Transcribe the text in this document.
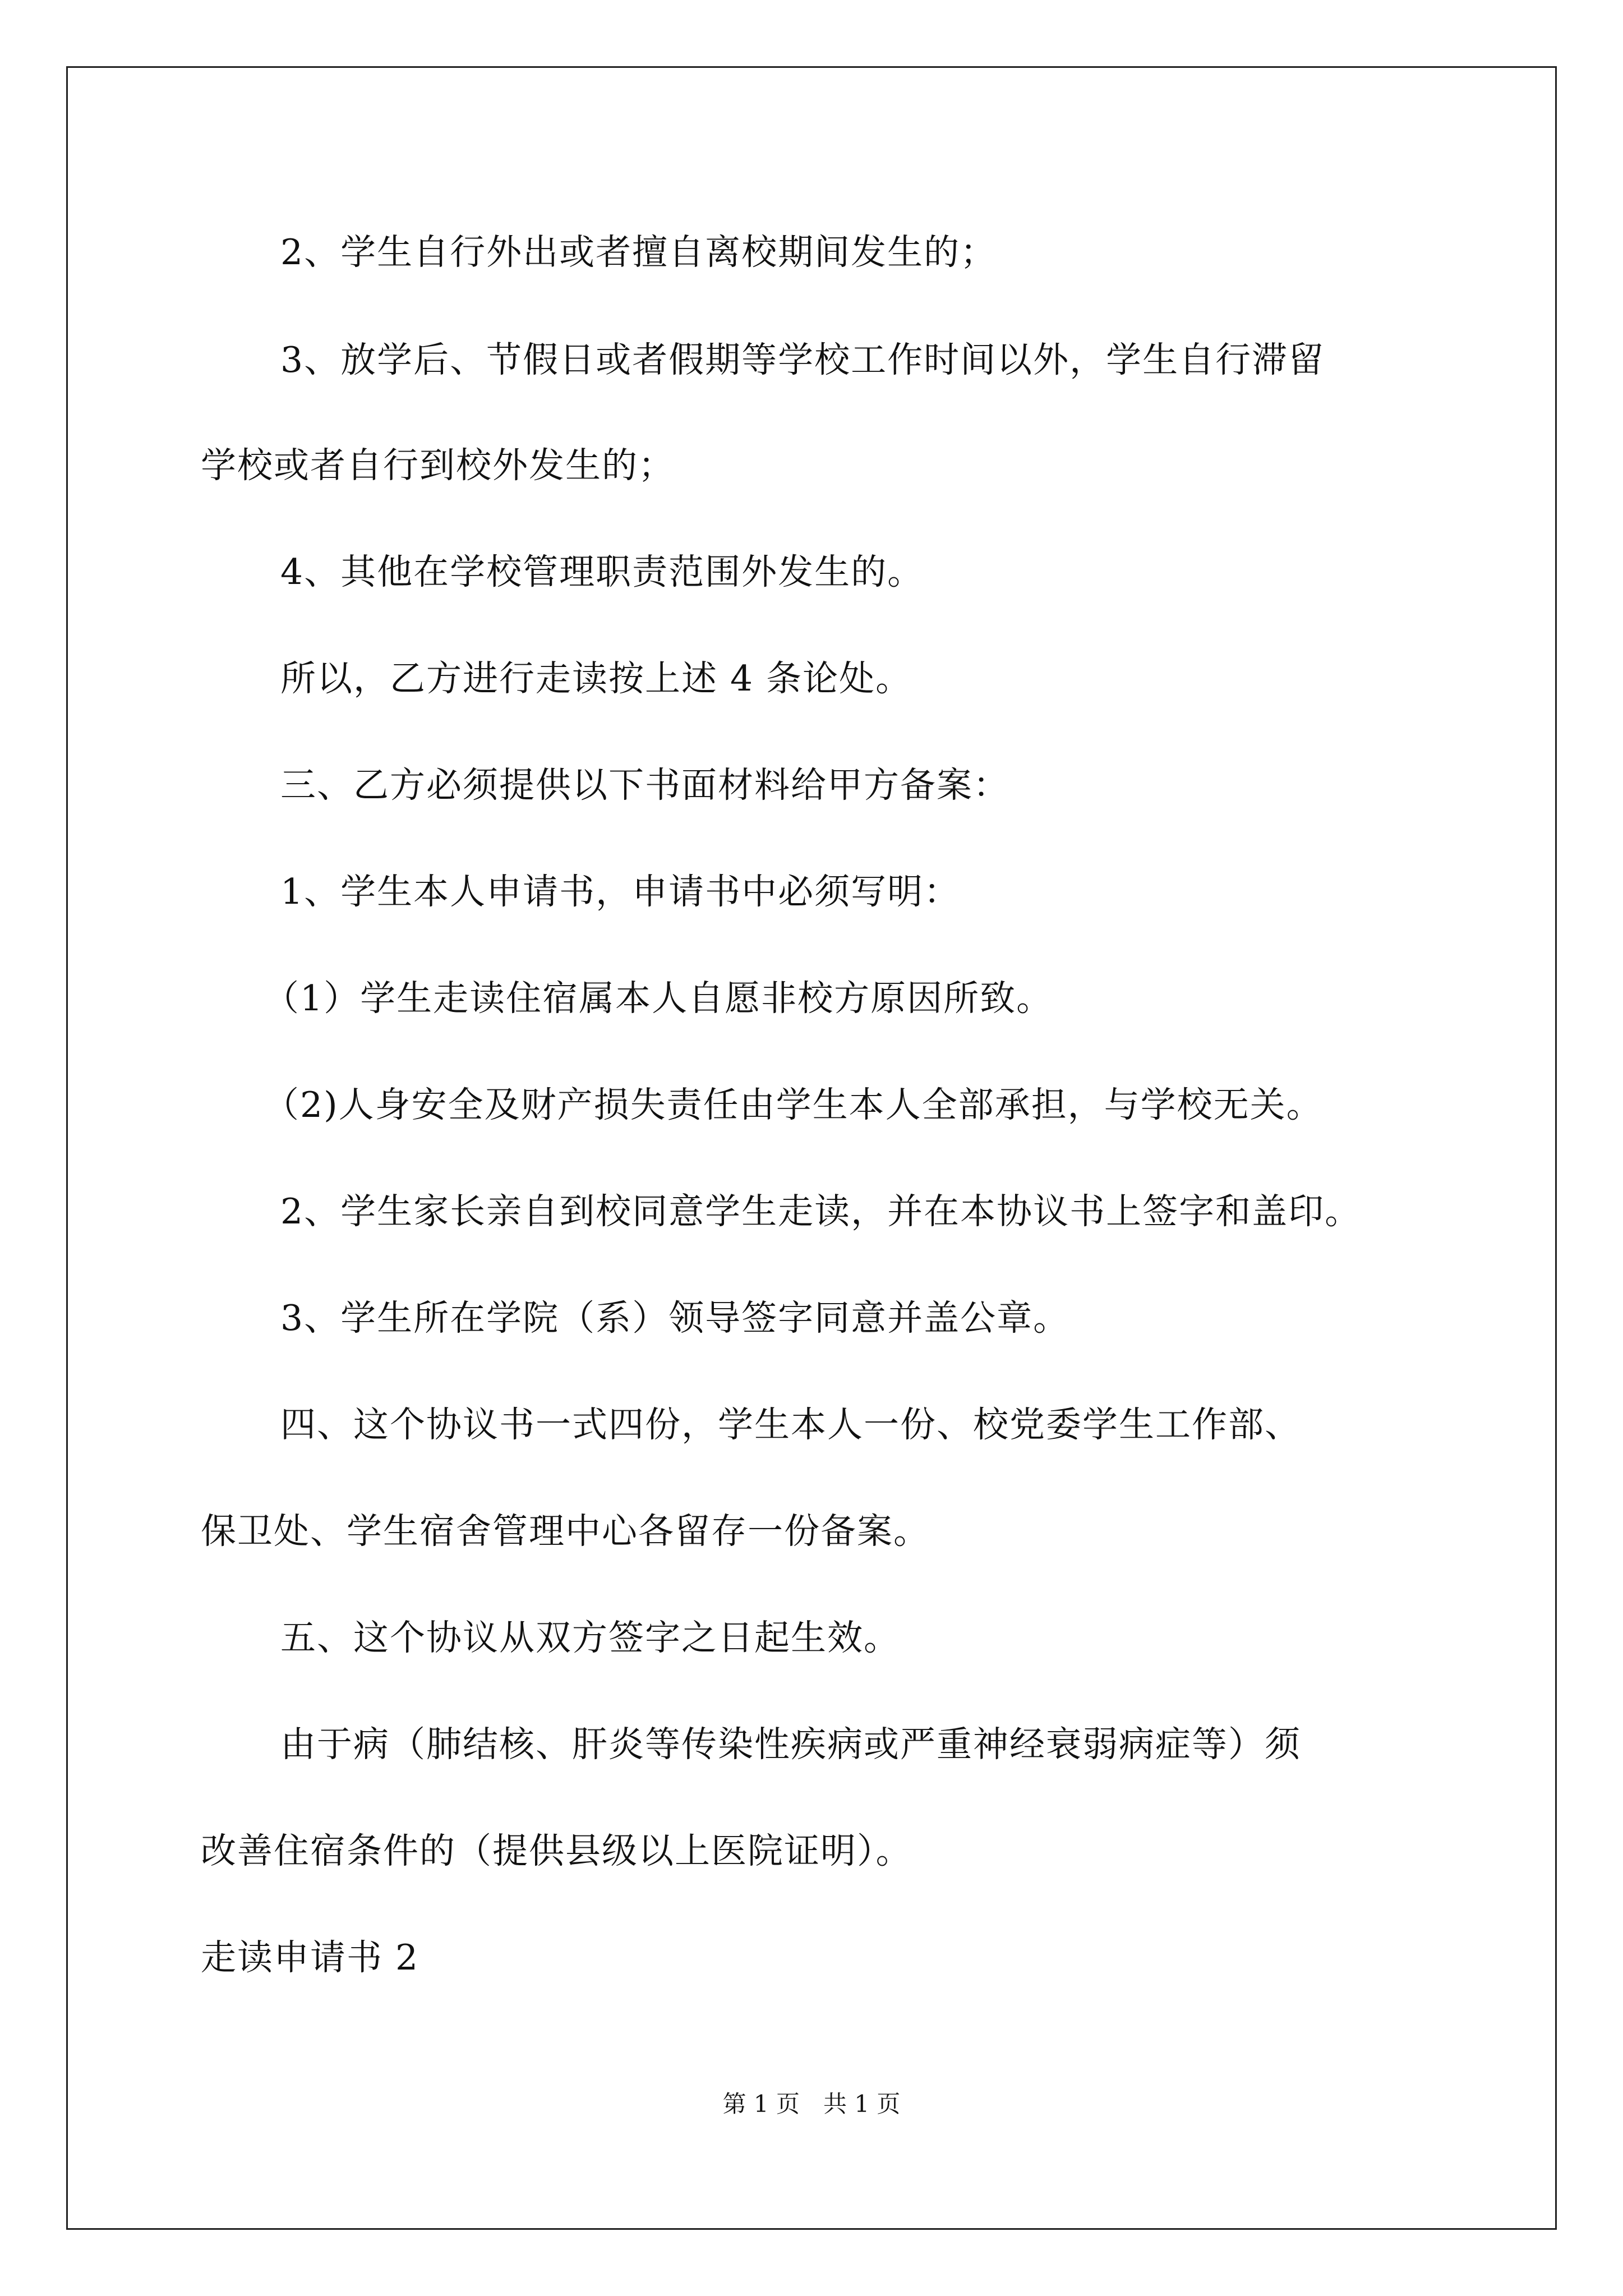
2、学生自行外出或者擅自离校期间发生的；

3、放学后、节假日或者假期等学校工作时间以外，学生自行滞留

学校或者自行到校外发生的；

4、其他在学校管理职责范围外发生的。

所以，乙方进行走读按上述 4 条论处。

三、乙方必须提供以下书面材料给甲方备案：

1、学生本人申请书，申请书中必须写明：

（1）学生走读住宿属本人自愿非校方原因所致。

（2)人身安全及财产损失责任由学生本人全部承担，与学校无关。

2、学生家长亲自到校同意学生走读，并在本协议书上签字和盖印。

3、学生所在学院（系）领导签字同意并盖公章。

四、这个协议书一式四份，学生本人一份、校党委学生工作部、

保卫处、学生宿舍管理中心各留存一份备案。

五、这个协议从双方签字之日起生效。

由于病（肺结核、肝炎等传染性疾病或严重神经衰弱病症等）须

改善住宿条件的（提供县级以上医院证明）。

走读申请书 2

第 1 页　共 1 页
